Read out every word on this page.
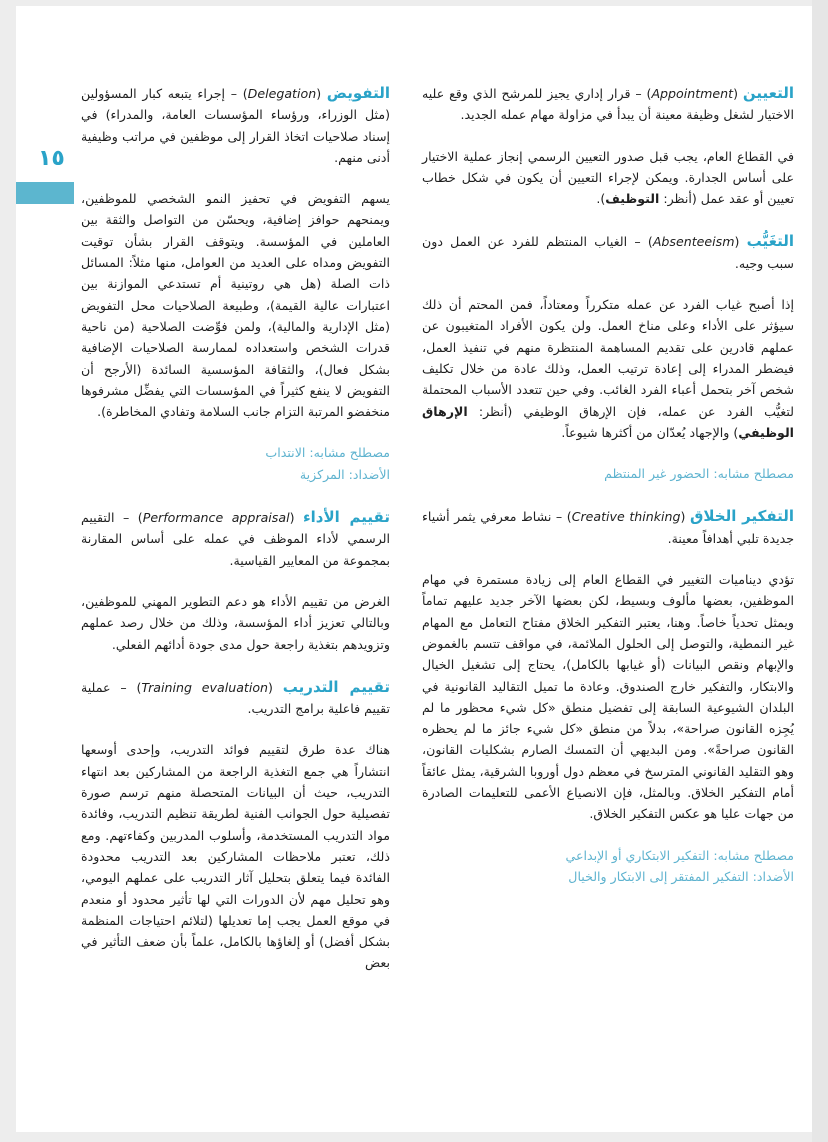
١٥
التعيين (Appointment) – قرار إداري يجيز للمرشح الذي وقع عليه الاختيار لشغل وظيفة معينة أن يبدأ في مزاولة مهام عمله الجديد.
في القطاع العام، يجب قبل صدور التعيين الرسمي إنجاز عملية الاختيار على أساس الجدارة. ويمكن لإجراء التعيين أن يكون في شكل خطاب تعيين أو عقد عمل (أنظر: التوظيف).
التغَيُّب (Absenteeism) – الغياب المنتظم للفرد عن العمل دون سبب وجيه.
إذا أصبح غياب الفرد عن عمله متكرراً ومعتاداً، فمن المحتم أن ذلك سيؤثر على الأداء وعلى مناخ العمل. ولن يكون الأفراد المتغيبون عن عملهم قادرين على تقديم المساهمة المنتظرة منهم في تنفيذ العمل، فيضطر المدراء إلى إعادة ترتيب العمل، وذلك عادة من خلال تكليف شخص آخر بتحمل أعباء الفرد الغائب. وفي حين تتعدد الأسباب المحتملة لتغيُّب الفرد عن عمله، فإن الإرهاق الوظيفي (أنظر: الإرهاق الوظيفي) والإجهاد يُعدّان من أكثرها شيوعاً.
مصطلح مشابه: الحضور غير المنتظم
التفكير الخلاق (Creative thinking) – نشاط معرفي يثمر أشياء جديدة تلبي أهدافاً معينة.
تؤدي ديناميات التغيير في القطاع العام إلى زيادة مستمرة في مهام الموظفين، بعضها مألوف وبسيط، لكن بعضها الآخر جديد عليهم تماماً ويمثل تحدياً خاصاً. وهنا، يعتبر التفكير الخلاق مفتاح التعامل مع المهام غير النمطية، والتوصل إلى الحلول الملائمة، في مواقف تتسم بالغموض والإبهام ونقص البيانات (أو غيابها بالكامل)، يحتاج إلى تشغيل الخيال والابتكار، والتفكير خارج الصندوق. وعادة ما تميل التقاليد القانونية في البلدان الشيوعية السابقة إلى تفضيل منطق «كل شيء محظور ما لم يُجِزه القانون صراحة»، بدلاً من منطق «كل شيء جائز ما لم يحظره القانون صراحةً». ومن البديهي أن التمسك الصارم بشكليات القانون، وهو التقليد القانوني المترسخ في معظم دول أوروبا الشرقية، يمثل عائقاً أمام التفكير الخلاق. وبالمثل، فإن الانصياع الأعمى للتعليمات الصادرة من جهات عليا هو عكس التفكير الخلاق.
مصطلح مشابه: التفكير الابتكاري أو الإبداعي
الأضداد: التفكير المفتقر إلى الابتكار والخيال
التفويض (Delegation) – إجراء يتبعه كبار المسؤولين (مثل الوزراء، ورؤساء المؤسسات العامة، والمدراء) في إسناد صلاحيات اتخاذ القرار إلى موظفين في مراتب وظيفية أدنى منهم.
يسهم التفويض في تحفيز النمو الشخصي للموظفين، ويمنحهم حوافز إضافية، ويحسّن من التواصل والثقة بين العاملين في المؤسسة. ويتوقف القرار بشأن توقيت التفويض ومداه على العديد من العوامل، منها مثلاً: المسائل ذات الصلة (هل هي روتينية أم تستدعي الموازنة بين اعتبارات عالية القيمة)، وطبيعة الصلاحيات محل التفويض (مثل الإدارية والمالية)، ولمن فوِّضت الصلاحية (من ناحية قدرات الشخص واستعداده لممارسة الصلاحيات الإضافية بشكل فعال)، والثقافة المؤسسية السائدة (الأرجح أن التفويض لا ينفع كثيراً في المؤسسات التي يفضِّل مشرفوها منخفضو المرتبة التزام جانب السلامة وتفادي المخاطرة).
مصطلح مشابه: الانتداب
الأضداد: المركزية
تقييم الأداء (Performance appraisal) – التقييم الرسمي لأداء الموظف في عمله على أساس المقارنة بمجموعة من المعايير القياسية.
الغرض من تقييم الأداء هو دعم التطوير المهني للموظفين، وبالتالي تعزيز أداء المؤسسة، وذلك من خلال رصد عملهم وتزويدهم بتغذية راجعة حول مدى جودة أدائهم الفعلي.
تقييم التدريب (Training evaluation) – عملية تقييم فاعلية برامج التدريب.
هناك عدة طرق لتقييم فوائد التدريب، وإحدى أوسعها انتشاراً هي جمع التغذية الراجعة من المشاركين بعد انتهاء التدريب، حيث أن البيانات المتحصلة منهم ترسم صورة تفصيلية حول الجوانب الفنية لطريقة تنظيم التدريب، وفائدة مواد التدريب المستخدمة، وأسلوب المدربين وكفاءتهم. ومع ذلك، تعتبر ملاحظات المشاركين بعد التدريب محدودة الفائدة فيما يتعلق بتحليل آثار التدريب على عملهم اليومي، وهو تحليل مهم لأن الدورات التي لها تأثير محدود أو منعدم في موقع العمل يجب إما تعديلها (لتلائم احتياجات المنظمة بشكل أفضل) أو إلغاؤها بالكامل، علماً بأن ضعف التأثير في بعض
